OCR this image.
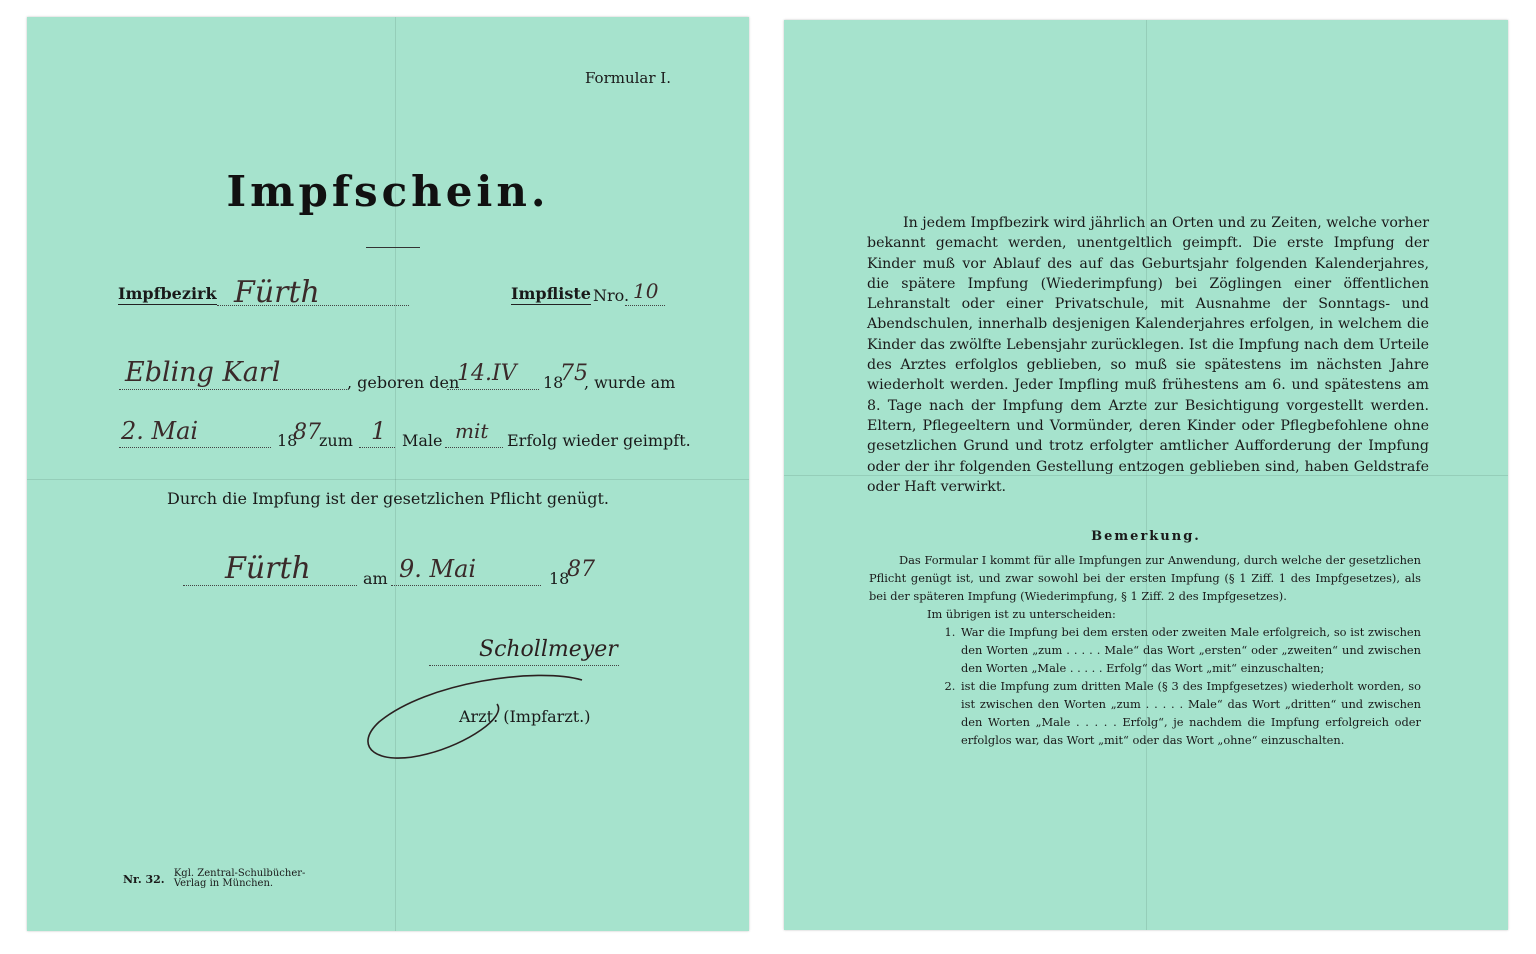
Formular I.
Impfschein.
Impfbezirk Fürth	Impfliste Nro. 10
Ebling Karl	, geboren den
14.IV 18
75
, wurde am
2. Mai	18
87
zum 1 Male mit Erfolg wieder geimpft.
Durch die Impfung ist der gesetzlichen Pflicht genügt.
Fürth	am 9. Mai	18
87
Schollmeyer
Arzt. (Impfarzt.)
Nr. 32. Kgl. Zentral-Schulbücher-
Verlag in München.
In jedem Impfbezirk wird jährlich an Orten und zu Zeiten, welche vorher bekannt gemacht werden, unentgeltlich geimpft. Die erste Impfung der Kinder muß vor Ablauf des auf das Geburtsjahr folgenden Kalenderjahres, die spätere Impfung (Wiederimpfung) bei Zöglingen einer öffentlichen Lehranstalt oder einer Privatschule, mit Ausnahme der Sonntags- und Abendschulen, innerhalb desjenigen Kalenderjahres erfolgen, in welchem die Kinder das zwölfte Lebensjahr zurücklegen. Ist die Impfung nach dem Urteile des Arztes erfolglos geblieben, so muß sie spätestens im nächsten Jahre wiederholt werden. Jeder Impfling muß frühestens am 6. und spätestens am 8. Tage nach der Impfung dem Arzte zur Besichtigung vorgestellt werden. Eltern, Pflegeeltern und Vormünder, deren Kinder oder Pflegbefohlene ohne gesetzlichen Grund und trotz erfolgter amtlicher Aufforderung der Impfung oder der ihr folgenden Gestellung entzogen geblieben sind, haben Geldstrafe oder Haft verwirkt.
Bemerkung.

Das Formular I kommt für alle Impfungen zur Anwendung, durch welche der gesetzlichen Pflicht genügt ist, und zwar sowohl bei der ersten Impfung (§ 1 Ziff. 1 des Impfgesetzes), als bei der späteren Impfung (Wiederimpfung, § 1 Ziff. 2 des Impfgesetzes).

Im übrigen ist zu unterscheiden:

1. War die Impfung bei dem ersten oder zweiten Male erfolgreich, so ist zwischen den Worten „zum . . . . . Male“ das Wort „ersten“ oder „zweiten“ und zwischen den Worten „Male . . . . . Erfolg“ das Wort „mit“ einzuschalten;
2. ist die Impfung zum dritten Male (§ 3 des Impfgesetzes) wiederholt worden, so ist zwischen den Worten „zum . . . . . Male“ das Wort „dritten“ und zwischen den Worten „Male . . . . . Erfolg“, je nachdem die Impfung erfolgreich oder erfolglos war, das Wort „mit“ oder das Wort „ohne“ einzuschalten.
